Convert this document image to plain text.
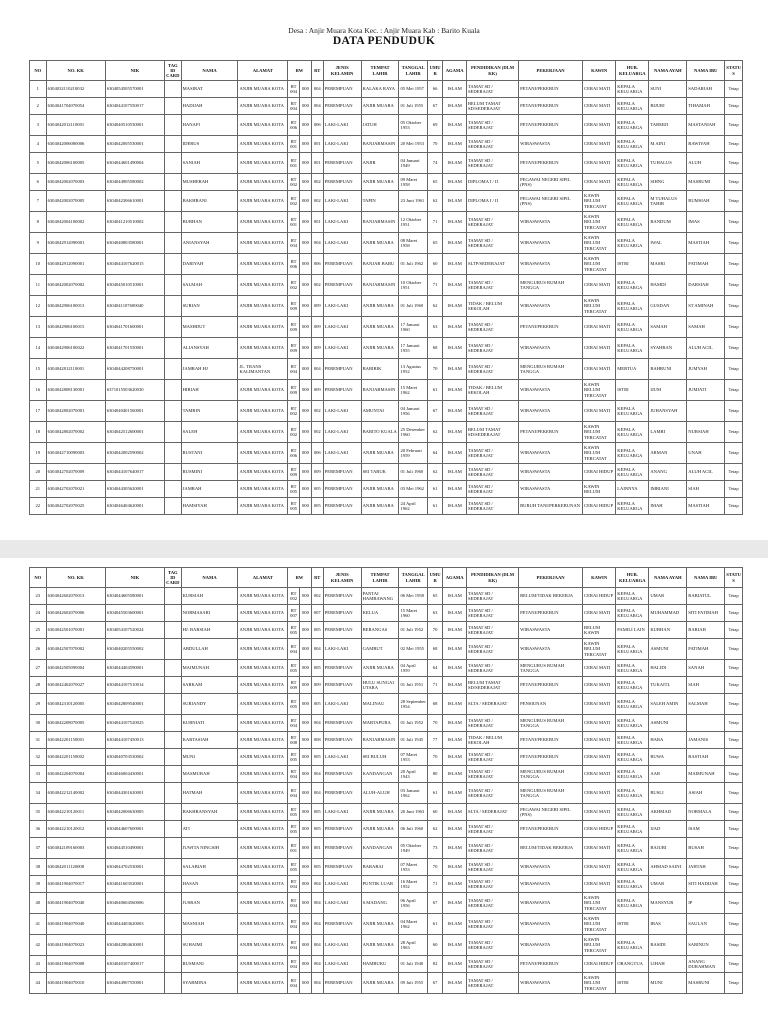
Desa : Anjir Muara Kota Kec. : Anjir Muara Kab : Barito Kuala
DATA PENDUDUK
NO	NO. KK	NIK	TAG ID CARD	NAMA	ALAMAT	RW		RT	JENIS KELAMIN	TEMPAT LAHIR	TANGGAL LAHIR	UMUR	AGAMA	PENDIDIKAN (DLM KK)	PEKERJAAN	KAWIN	HUB. KELUARGA	NAMA AYAH	NAMA IBU	STATUS
1	6304032110210032	6304054505570001		MASIRAT	ANJIR MUARA KOTA	RT 004	000	004	PEREMPUAN	KALAKA RAYA	05 Mei 1957	66	ISLAM	TAMAT SD / SEDERAJAT	PETANI/PEKEBUN	CERAI MATI	KEPALA KELUARGA	SUNI	SADARIAH	Tetap
2	6304041704070054	6304044107550017		HADIJAH	ANJIR MUARA KOTA	RT 004	000	004	PEREMPUAN	ANJIR MUARA	01 Juli 1955	67	ISLAM	BELUM TAMAT SD/SEDERAJAT	PETANI/PEKEBUN	CERAI MATI	KEPALA KELUARGA	BIJURI	TIHAMAH	Tetap
3	6304042012110001	6304040510530001		HANAFI	ANJIR MUARA KOTA	RT 006	000	006	LAKI-LAKI	JATUH	05 Oktober 1953	69	ISLAM	TAMAT SD / SEDERAJAT	PETANI/PEKEBUN	CERAI MATI	KEPALA KELUARGA	TARMIJI	MASTANIAH	Tetap
4	6304042006080006	6304042005530001		IDERUS	ANJIR MUARA KOTA	RT 001	000	001	LAKI-LAKI	BANJARMASIN	20 Mei 1953	70	ISLAM	TAMAT SD / SEDERAJAT	WIRASWASTA	CERAI MATI	KEPALA KELUARGA	M AINI	BAWIYAH	Tetap
5	6304042006100005	6304044601490004		SANIAH	ANJIR MUARA KOTA	RT 001	000	001	PEREMPUAN	ANJIR	04 Januari 1949	74	ISLAM	TAMAT SD / SEDERAJAT	PETANI/PEKEBUN	CERAI MATI	KEPALA KELUARGA	TUHALUS	ALUH	Tetap
6	6304042002070003	6304044905580002		MUSHERAH	ANJIR MUARA KOTA	RT 002	000	002	PEREMPUAN	ANJIR MUARA	09 Maret 1958	65	ISLAM	DIPLOMA I / II	PEGAWAI NEGERI SIPIL (PNS)	CERAI MATI	KEPALA KELUARGA	SIHNG	MASRUMI	Tetap
7	6304042002070005	6304042306610001		BAKHRANI	ANJIR MUARA KOTA	RT 002	000	002	LAKI-LAKI	TAPIN	23 Juni 1961	62	ISLAM	DIPLOMA I / II	PEGAWAI NEGERI SIPIL (PNS)	KAWIN BELUM TERCATAT	KEPALA KELUARGA	M TUHALUS TAHIR	RUMSIAH	Tetap
8	6304042004100002	6304041210510002		BURHAN	ANJIR MUARA KOTA	RT 001	000	001	LAKI-LAKI	BANJARMASIN	12 Oktober 1951	71	ISLAM	TAMAT SD / SEDERAJAT	WIRASWASTA	KAWIN BELUM TERCATAT	KEPALA KELUARGA	BANDUM	IMAS	Tetap
9	6304042912090001	6304040803580001		ANIANSYAH	ANJIR MUARA KOTA	RT 004	000	004	LAKI-LAKI	ANJIR MUARA	08 Maret 1958	65	ISLAM	TAMAT SD / SEDERAJAT	WIRASWASTA	KAWIN BELUM TERCATAT	KEPALA KELUARGA	IWAL	MASTIAH	Tetap
10	6304042912090001	6304044107620015		DARIYAH	ANJIR MUARA KOTA	RT 006	000	006	PEREMPUAN	BANJAR BARU	01 Juli 1962	60	ISLAM	SLTP/SEDERAJAT	WIRASWASTA	KAWIN BELUM TERCATAT	ISTRI	MASRI	FATIMAH	Tetap
11	6304042002070002	6304045010510001		SALMAH	ANJIR MUARA KOTA	RT 002	000	002	PEREMPUAN	BANJARMASIN	10 Oktober 1951	71	ISLAM	TAMAT SD / SEDERAJAT	MENGURUS RUMAH TANGGA	CERAI MATI	KEPALA KELUARGA	HAMDI	DARSIAH	Tetap
12	6304042906100013	6304041107600040		SURIAN	ANJIR MUARA KOTA	RT 009	000	009	LAKI-LAKI	ANJIR MUARA	01 Juli 1960	62	ISLAM	TIDAK / BELUM SEKOLAH	WIRASWASTA	KAWIN BELUM TERCATAT	KEPALA KELUARGA	GUSDAN	ST AMINAH	Tetap
13	6304042906100015	6304041701600001		MASHDUT	ANJIR MUARA KOTA	RT 009	000	009	LAKI-LAKI	ANJIR MUARA	17 Januari 1960	63	ISLAM	TAMAT SD / SEDERAJAT	PETANI/PEKEBUN	CERAI MATI	KEPALA KELUARGA	SAMAH	SAMAH	Tetap
14	6304042906100022	6304041701550001		ALIANSYAH	ANJIR MUARA KOTA	RT 009	000	009	LAKI-LAKI	ANJIR MUARA	17 Januari 1955	68	ISLAM	TAMAT SD / SEDERAJAT	WIRASWASTA	CERAI MATI	KEPALA KELUARGA	SYAHRAN	ALUH ACIL	Tetap
15	6304042812110001	6304044208750001		JAMRAH HJ	JL. TRANS KALIMANTAN	RT 004	000	004	PEREMPUAN	BARIRIK	13 Agustus 1952	70	ISLAM	TAMAT SD / SEDERAJAT	MENGURUS RUMAH TANGGA	CERAI MATI	MERTUA	BAHRUNI	JUMYAH	Tetap
16	6304042808130001	6371015503620030		HIRIAH	ANJIR MUARA KOTA	RT 009	000	009	PEREMPUAN	BANJARMASIN	15 Maret 1962	61	ISLAM	TIDAK / BELUM SEKOLAH	WIRASWASTA	KAWIN BELUM TERCATAT	ISTRI	IJUM	JUMIATI	Tetap
17	6304042802070001	6304040401560001		TAMRIN	ANJIR MUARA KOTA	RT 002	000	002	LAKI-LAKI	AMUNTAI	04 Januari 1956	67	ISLAM	TAMAT SD / SEDERAJAT	WIRASWASTA	CERAI MATI	KEPALA KELUARGA	JUHANSYAH		Tetap
18	6304042802070002	6304042512600001		SALEH	ANJIR MUARA KOTA	RT 002	000	002	LAKI-LAKI	BARITO KUALA	25 Desember 1960	62	ISLAM	BELUM TAMAT SD/SEDERAJAT	PETANI/PEKEBUN	KAWIN BELUM TERCATAT	KEPALA KELUARGA	LAMRI	NURSIAH	Tetap
19	6304042710090003	6304042002590002		RUSTANI	ANJIR MUARA KOTA	RT 006	000	006	LAKI-LAKI	ANJIR MUARA	20 Februari 1959	64	ISLAM	TAMAT SD / SEDERAJAT	WIRASWASTA	KAWIN BELUM TERCATAT	KEPALA KELUARGA	ARMAN	UNAH	Tetap
20	6304042702070009	6304044107640017		RUSMINI	ANJIR MUARA KOTA	RT 009	000	009	PEREMPUAN	SEI TABUK	01 Juli 1960	62	ISLAM	TAMAT SD / SEDERAJAT	WIRASWASTA	CERAI HIDUP	KEPALA KELUARGA	ANANG	ALUH ACIL	Tetap
21	6304042702070021	6304044305620001		JAMRAH	ANJIR MUARA KOTA	RT 005	000	005	PEREMPUAN	ANJIR MUARA	03 Mei 1962	61	ISLAM	TAMAT SD / SEDERAJAT	WIRASWASTA	KAWIN BELUM	LAINNYA	IMRIANI	SIAH	Tetap
22	6304042702070025	6304046404620001		HAMSIYAH	ANJIR MUARA KOTA	RT 005	000	005	PEREMPUAN	ANJIR MUARA	24 April 1962	61	ISLAM	TAMAT SD / SEDERAJAT	BURUH TANI/PERKEBUNAN	CERAI HIDUP	KEPALA KELUARGA	IMAH	MASTIAH	Tetap
NO	NO. KK	NIK	TAG ID CARD	NAMA	ALAMAT	RW		RT	JENIS KELAMIN	TEMPAT LAHIR	TANGGAL LAHIR	UMUR	AGAMA	PENDIDIKAN (DLM KK)	PEKERJAAN	KAWIN	HUB. KELUARGA	NAMA AYAH	NAMA IBU	STATUS
23	6304042602070013	6304044605580001		KURSIAH	ANJIR MUARA KOTA	RT 002	000	002	PEREMPUAN	PANTAI HAMBAWANG	06 Mei 1958	65	ISLAM	TAMAT SD / SEDERAJAT	BELUM/TIDAK BEKERJA	CERAI HIDUP	KEPALA KELUARGA	UMAR	RABIATUL	Tetap
24	6304042602070006	6304045503600001		NORMASARI	ANJIR MUARA KOTA	RT 007	000	007	PEREMPUAN	KELUA	15 Maret 1960	63	ISLAM	TAMAT SD / SEDERAJAT	PETANI/PEKEBUN	CERAI MATI	KEPALA KELUARGA	MUHAMMAD	SITI FATIMAH	Tetap
25	6304042501070001	6304054107520024		HJ. BARSIAH	ANJIR MUARA KOTA	RT 005	000	005	PEREMPUAN	BERANGAS	01 Juli 1952	70	ISLAM	TAMAT SD / SEDERAJAT	WIRASWASTA	BELUM KAWIN	FAMILI LAIN	KURHAN	BARIAH	Tetap
26	6304042507070002	6304040205550002		ABDULLAH	ANJIR MUARA KOTA	RT 004	000	004	LAKI-LAKI	GAMBUT	02 Mei 1955	68	ISLAM	TAMAT SD / SEDERAJAT	WIRASWASTA	KAWIN BELUM TERCATAT	KEPALA KELUARGA	ASMUNI	FATIMAH	Tetap
27	6304042505090004	6304044404590001		MAIMUNAH	ANJIR MUARA KOTA	RT 005	000	005	PEREMPUAN	ANJIR MUARA	04 April 1959	64	ISLAM	TAMAT SD / SEDERAJAT	MENGURUS RUMAH TANGGA	CERAI MATI	KEPALA KELUARGA	HALIDI	SANAH	Tetap
28	6304042402070027	6304044107510014		SARKAM	ANJIR MUARA KOTA	RT 009	000	009	PEREMPUAN	HULU SUNGAI UTARA	01 Juli 1951	71	ISLAM	BELUM TAMAT SD/SEDERAJAT	PETANI/PEKEBUN	CERAI MATI	KEPALA KELUARGA	TUKAITL	SIAH	Tetap
29	6304042310120005	6304042809540001		SURIANDY	ANJIR MUARA KOTA	RT 005	000	005	LAKI-LAKI	MALINAU	28 September 1954	68	ISLAM	SLTA / SEDERAJAT	PENSIUNAN	CERAI MATI	KEPALA KELUARGA	SALEH AMIN	SALMAH	Tetap
30	6304042208070005	6304044107520025		KURNIATI	ANJIR MUARA KOTA	RT 004	000	004	PEREMPUAN	MARTAPURA	01 Juli 1952	70	ISLAM	TAMAT SD / SEDERAJAT	MENGURUS RUMAH TANGGA	CERAI MATI	KEPALA KELUARGA	ASMUNI		Tetap
31	6304042201150001	6304044107450013		KARTASIAH	ANJIR MUARA KOTA	RT 008	000	008	PEREMPUAN	BANJARMASIN	01 Juli 1945	77	ISLAM	TIDAK / BELUM SEKOLAH	PETANI/PEKEBUN	CERAI MATI	KEPALA KELUARGA	HARA	JAMANIS	Tetap
32	6304042201150002	6304040703530002		MUNI	ANJIR MUARA KOTA	RT 005	000	005	LAKI-LAKI	SEI BULUH	07 Maret 1953	70	ISLAM	TAMAT SD / SEDERAJAT	PETANI/PEKEBUN	CERAI MATI	KEPALA KELUARGA	BUWA	BASTIAH	Tetap
33	6304042204070004	6304046004430001		MASMURAH	ANJIR MUARA KOTA	RT 004	000	004	PEREMPUAN	KANDANGAN	20 April 1943	80	ISLAM	TAMAT SD / SEDERAJAT	MENGURUS RUMAH TANGGA	CERAI MATI	KEPALA KELUARGA	AAR	MAIMUNAH	Tetap
34	6304042212140002	6304044301620001		HATMAH	ANJIR MUARA KOTA	RT 004	000	004	PEREMPUAN	ALUH-ALUH	03 Januari 1962	61	ISLAM	TAMAT SD / SEDERAJAT	MENGURUS RUMAH TANGGA	CERAI MATI	KEPALA KELUARGA	BUSLI	ASIAH	Tetap
35	6304042210120011	6304042006630005		BAKHRANSYAH	ANJIR MUARA KOTA	RT 005	000	005	LAKI-LAKI	ANJIR MUARA	20 Juni 1963	60	ISLAM	SLTA / SEDERAJAT	PEGAWAI NEGERI SIPIL (PNS)	CERAI MATI	KEPALA KELUARGA	AKHMAD	NORMALA	Tetap
36	6304042210120012	6304044607600001		ATI	ANJIR MUARA KOTA	RT 005	000	005	PEREMPUAN	ANJIR MUARA	06 Juli 1960	62	ISLAM	TAMAT SD / SEDERAJAT	PETANI/PEKEBUN	CERAI HIDUP	KEPALA KELUARGA	IJAD	ISAM	Tetap
37	6304042109160003	6304044510490001		JUWITA NINGSIH	ANJIR MUARA KOTA	RT 001	000	001	PEREMPUAN	KANDANGAN	05 Oktober 1949	73	ISLAM	TAMAT SD / SEDERAJAT	BELUM/TIDAK BEKERJA	CERAI MATI	KEPALA KELUARGA	BAJURI	BUSAH	Tetap
38	6304042011120008	6304044702530001		SALABIAH	ANJIR MUARA KOTA	RT 005	000	005	PEREMPUAN	BARABAI	07 Maret 1953	70	ISLAM	TAMAT SD / SEDERAJAT	WIRASWASTA	CERAI MATI	KEPALA KELUARGA	AHMAD SAINI	JAHTAH	Tetap
39	6304041904070017	6304041603520001		HASAN	ANJIR MUARA KOTA	RT 004	000	004	LAKI-LAKI	PUNTIK LUAR	16 Maret 1952	71	ISLAM	TAMAT SD / SEDERAJAT	WIRASWASTA	CERAI MATI	KEPALA KELUARGA	UMAR	SITI HADIJAH	Tetap
40	6304041904070040	6304040604560006		JUSRAN	ANJIR MUARA KOTA	RT 004	000	004	LAKI-LAKI	S.MADANG	06 April 1956	67	ISLAM	TAMAT SD / SEDERAJAT	WIRASWASTA	KAWIN BELUM TERCATAT	KEPALA KELUARGA	MANSYUR	IP	Tetap
41	6304041904070040	6304044403620003		MASNIAH	ANJIR MUARA KOTA	RT 004	000	004	PEREMPUAN	ANJIR MUARA	04 Maret 1962	61	ISLAM	TAMAT SD / SEDERAJAT	WIRASWASTA	KAWIN BELUM TERCATAT	ISTRI	IBAS	SAULAN	Tetap
42	6304041904070023	6304042804630001		SUHAIMI	ANJIR MUARA KOTA	RT 004	000	004	LAKI-LAKI	ANJIR MUARA	28 April 1963	60	ISLAM	TAMAT SD / SEDERAJAT	WIRASWASTA	KAWIN BELUM TERCATAT	KEPALA KELUARGA	RASIDI	SARINUN	Tetap
43	6304041904070008	6304040107400017		RUSMANI	ANJIR MUARA KOTA	RT 004	000	004	LAKI-LAKI	HAMBUKU	01 Juli 1940	82	ISLAM	TAMAT SD / SEDERAJAT	PETANI/PEKEBUN	CERAI HIDUP	ORANGTUA	LIHAH	ANANG DURAHMAN	Tetap
44	6304041904070010	6304044907550001		SYARMINA	ANJIR MUARA KOTA	RT 004	000	004	PEREMPUAN	ANJIR MUARA	09 Juli 1955	67	ISLAM	TAMAT SD / SEDERAJAT	WIRASWASTA	KAWIN BELUM TERCATAT	ISTRI	MUNI	MASRUNI	Tetap
